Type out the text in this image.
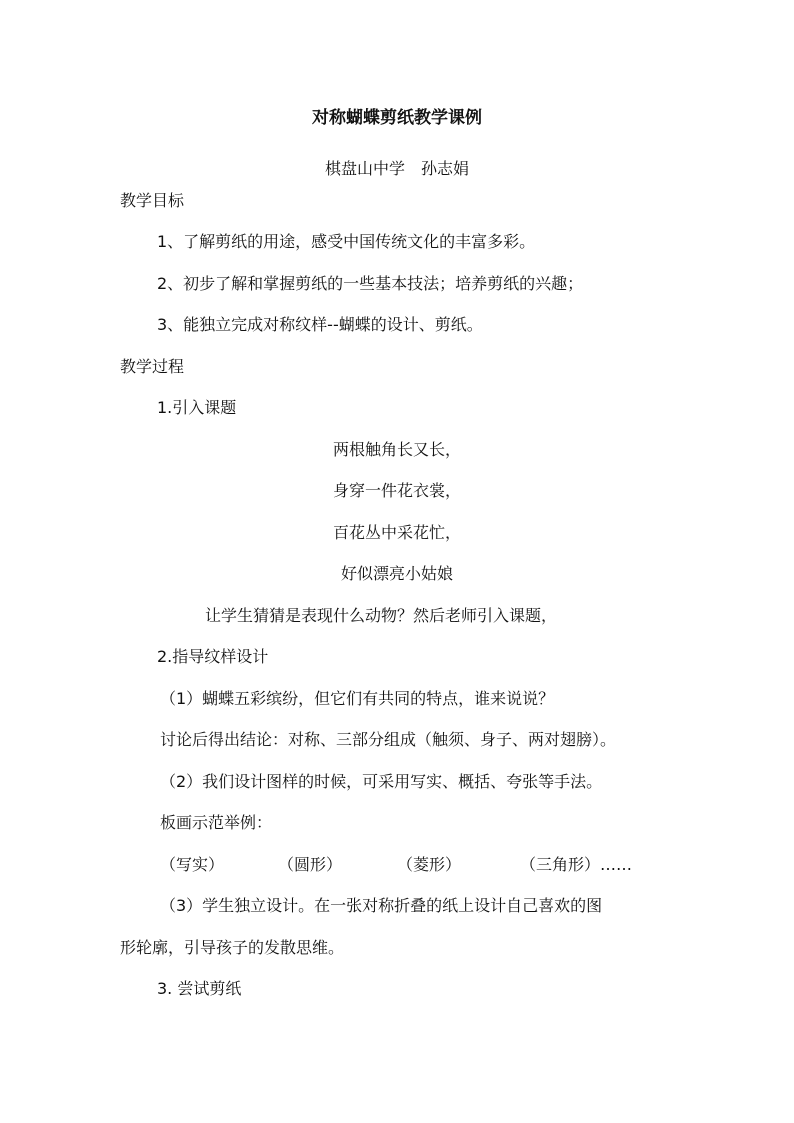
对称蝴蝶剪纸教学课例
棋盘山中学　孙志娟
教学目标
1、了解剪纸的用途，感受中国传统文化的丰富多彩。
2、初步了解和掌握剪纸的一些基本技法；培养剪纸的兴趣；
3、能独立完成对称纹样--蝴蝶的设计、剪纸。
教学过程
1.引入课题
两根触角长又长，
身穿一件花衣裳，
百花丛中采花忙，
好似漂亮小姑娘
让学生猜猜是表现什么动物？然后老师引入课题，
2.指导纹样设计
（1）蝴蝶五彩缤纷，但它们有共同的特点，谁来说说？
讨论后得出结论：对称、三部分组成（触须、身子、两对翅膀）。
（2）我们设计图样的时候，可采用写实、概括、夸张等手法。
板画示范举例：
（写实）	（圆形）	（菱形）	（三角形）……
（3）学生独立设计。在一张对称折叠的纸上设计自己喜欢的图
形轮廓，引导孩子的发散思维。
3. 尝试剪纸
